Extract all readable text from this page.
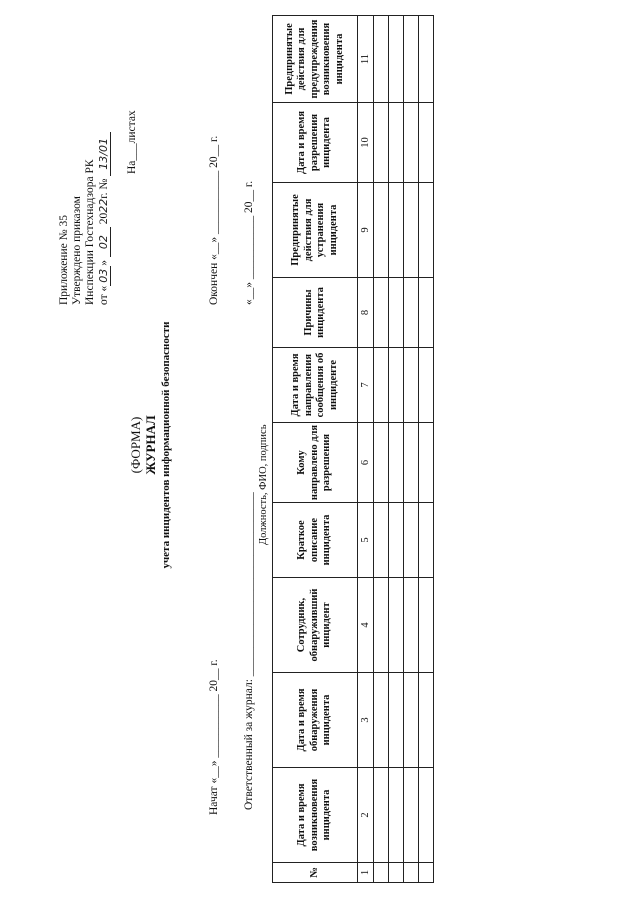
Приложение № 35 Утверждено приказом Инспекции Гостехнадзора РК от «03» 02 2022г. № 13/01 На___листах
(ФОРМА) ЖУРНАЛ учета инцидентов информационной безопасности
Начат «__» ___________ 20__ г.
Окончен «__» ___________ 20__ г.
Ответственный за журнал: ________________________________
«__» ___________ 20__ г.
Должность, ФИО, подпись
№	Дата и время возникновения инцидента	Дата и время обнаружения инцидента	Сотрудник, обнаруживший инцидент	Краткое описание инцидента	Кому направлено для разрешения	Дата и время направления сообщения об инциденте	Причины инцидента	Предпринятые действия для устранения инцидента	Дата и время разрешения инцидента	Предпринятые действия для предупреждения возникновения инцидента
1	2	3	4	5	6	7	8	9	10	11
